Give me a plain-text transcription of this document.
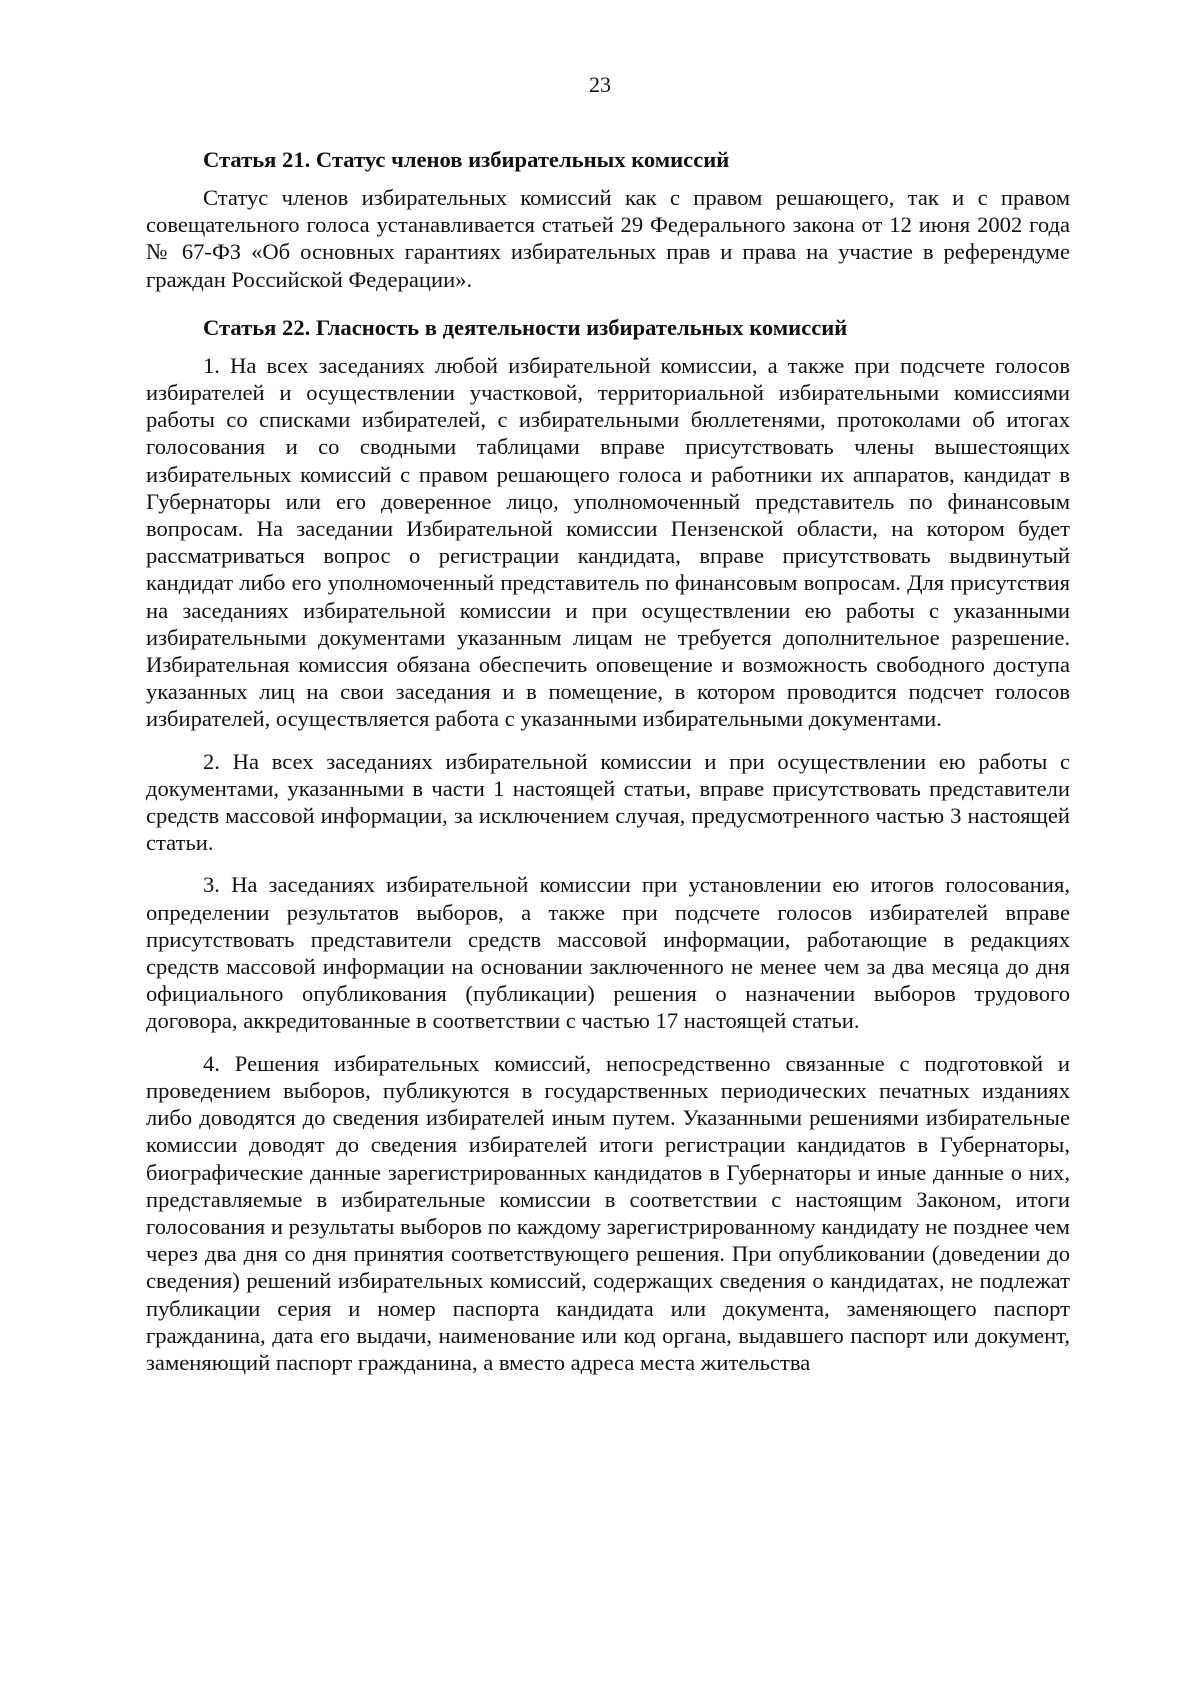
23
Статья 21. Статус членов избирательных комиссий

Статус членов избирательных комиссий как с правом решающего, так и с правом совещательного голоса устанавливается статьей 29 Федерального закона от 12 июня 2002 года № 67-ФЗ «Об основных гарантиях избирательных прав и права на участие в референдуме граждан Российской Федерации».

Статья 22. Гласность в деятельности избирательных комиссий

1. На всех заседаниях любой избирательной комиссии, а также при подсчете голосов избирателей и осуществлении участковой, территориальной избирательными комиссиями работы со списками избирателей, с избирательными бюллетенями, протоколами об итогах голосования и со сводными таблицами вправе присутствовать члены вышестоящих избирательных комиссий с правом решающего голоса и работники их аппаратов, кандидат в Губернаторы или его доверенное лицо, уполномоченный представитель по финансовым вопросам. На заседании Избирательной комиссии Пензенской области, на котором будет рассматриваться вопрос о регистрации кандидата, вправе присутствовать выдвинутый кандидат либо его уполномоченный представитель по финансовым вопросам. Для присутствия на заседаниях избирательной комиссии и при осуществлении ею работы с указанными избирательными документами указанным лицам не требуется дополнительное разрешение. Избирательная комиссия обязана обеспечить оповещение и возможность свободного доступа указанных лиц на свои заседания и в помещение, в котором проводится подсчет голосов избирателей, осуществляется работа с указанными избирательными документами.

2. На всех заседаниях избирательной комиссии и при осуществлении ею работы с документами, указанными в части 1 настоящей статьи, вправе присутствовать представители средств массовой информации, за исключением случая, предусмотренного частью 3 настоящей статьи.

3. На заседаниях избирательной комиссии при установлении ею итогов голосования, определении результатов выборов, а также при подсчете голосов избирателей вправе присутствовать представители средств массовой информации, работающие в редакциях средств массовой информации на основании заключенного не менее чем за два месяца до дня официального опубликования (публикации) решения о назначении выборов трудового договора, аккредитованные в соответствии с частью 17 настоящей статьи.

4. Решения избирательных комиссий, непосредственно связанные с подготовкой и проведением выборов, публикуются в государственных периодических печатных изданиях либо доводятся до сведения избирателей иным путем. Указанными решениями избирательные комиссии доводят до сведения избирателей итоги регистрации кандидатов в Губернаторы, биографические данные зарегистрированных кандидатов в Губернаторы и иные данные о них, представляемые в избирательные комиссии в соответствии с настоящим Законом, итоги голосования и результаты выборов по каждому зарегистрированному кандидату не позднее чем через два дня со дня принятия соответствующего решения. При опубликовании (доведении до сведения) решений избирательных комиссий, содержащих сведения о кандидатах, не подлежат публикации серия и номер паспорта кандидата или документа, заменяющего паспорт гражданина, дата его выдачи, наименование или код органа, выдавшего паспорт или документ, заменяющий паспорт гражданина, а вместо адреса места жительства
